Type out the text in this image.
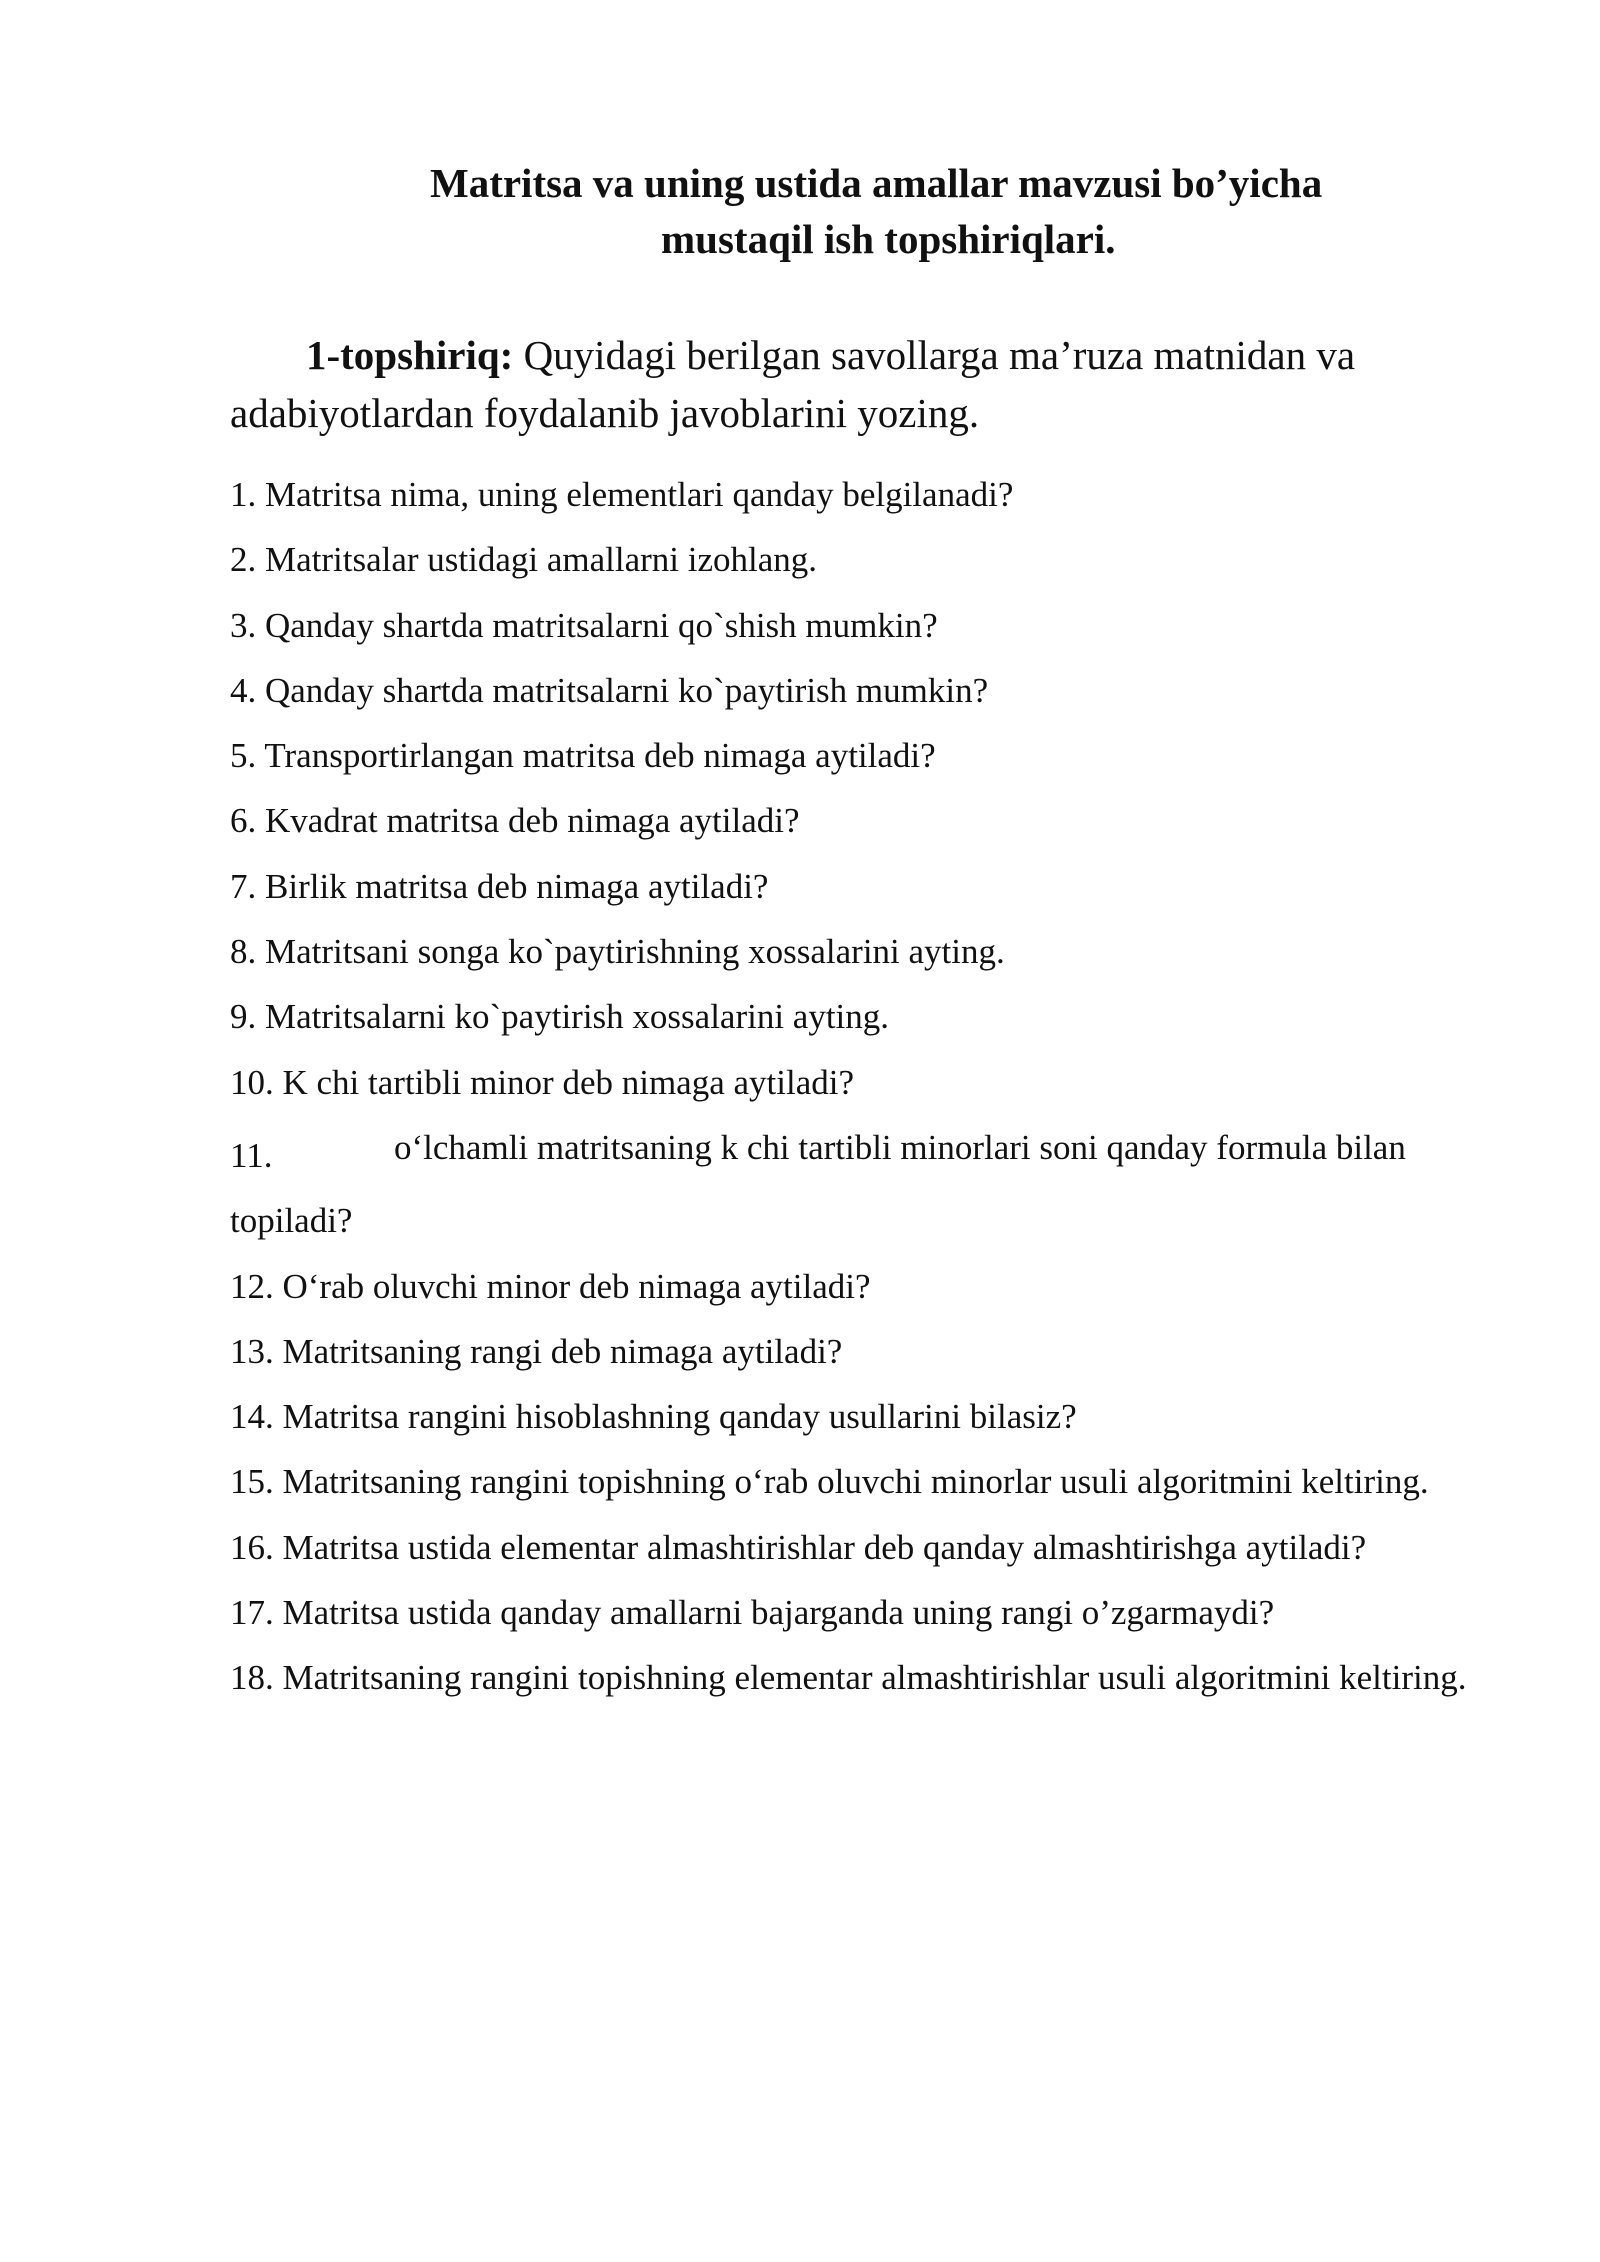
Matritsa va uning ustida amallar mavzusi bo’yicha
mustaqil ish topshiriqlari.
1-topshiriq: Quyidagi berilgan savollarga ma’ruza matnidan va
adabiyotlardan foydalanib javoblarini yozing.
1. Matritsa nima, uning elementlari qanday belgilanadi?
2. Matritsalar ustidagi amallarni izohlang.
3. Qanday shartda matritsalarni qo`shish mumkin?
4. Qanday shartda matritsalarni ko`paytirish mumkin?
5. Transportirlangan matritsa deb nimaga aytiladi?
6. Kvadrat matritsa deb nimaga aytiladi?
7. Birlik matritsa deb nimaga aytiladi?
8. Matritsani songa ko`paytirishning xossalarini ayting.
9. Matritsalarni ko`paytirish xossalarini ayting.
10. K chi tartibli minor deb nimaga aytiladi?
11.	o‘lchamli matritsaning k chi tartibli minorlari soni qanday formula bilan
topiladi?
12. O‘rab oluvchi minor deb nimaga aytiladi?
13. Matritsaning rangi deb nimaga aytiladi?
14. Matritsa rangini hisoblashning qanday usullarini bilasiz?
15. Matritsaning rangini topishning o‘rab oluvchi minorlar usuli algoritmini keltiring.
16. Matritsa ustida elementar almashtirishlar deb qanday almashtirishga aytiladi?
17. Matritsa ustida qanday amallarni bajarganda uning rangi o’zgarmaydi?
18. Matritsaning rangini topishning elementar almashtirishlar usuli algoritmini keltiring.
